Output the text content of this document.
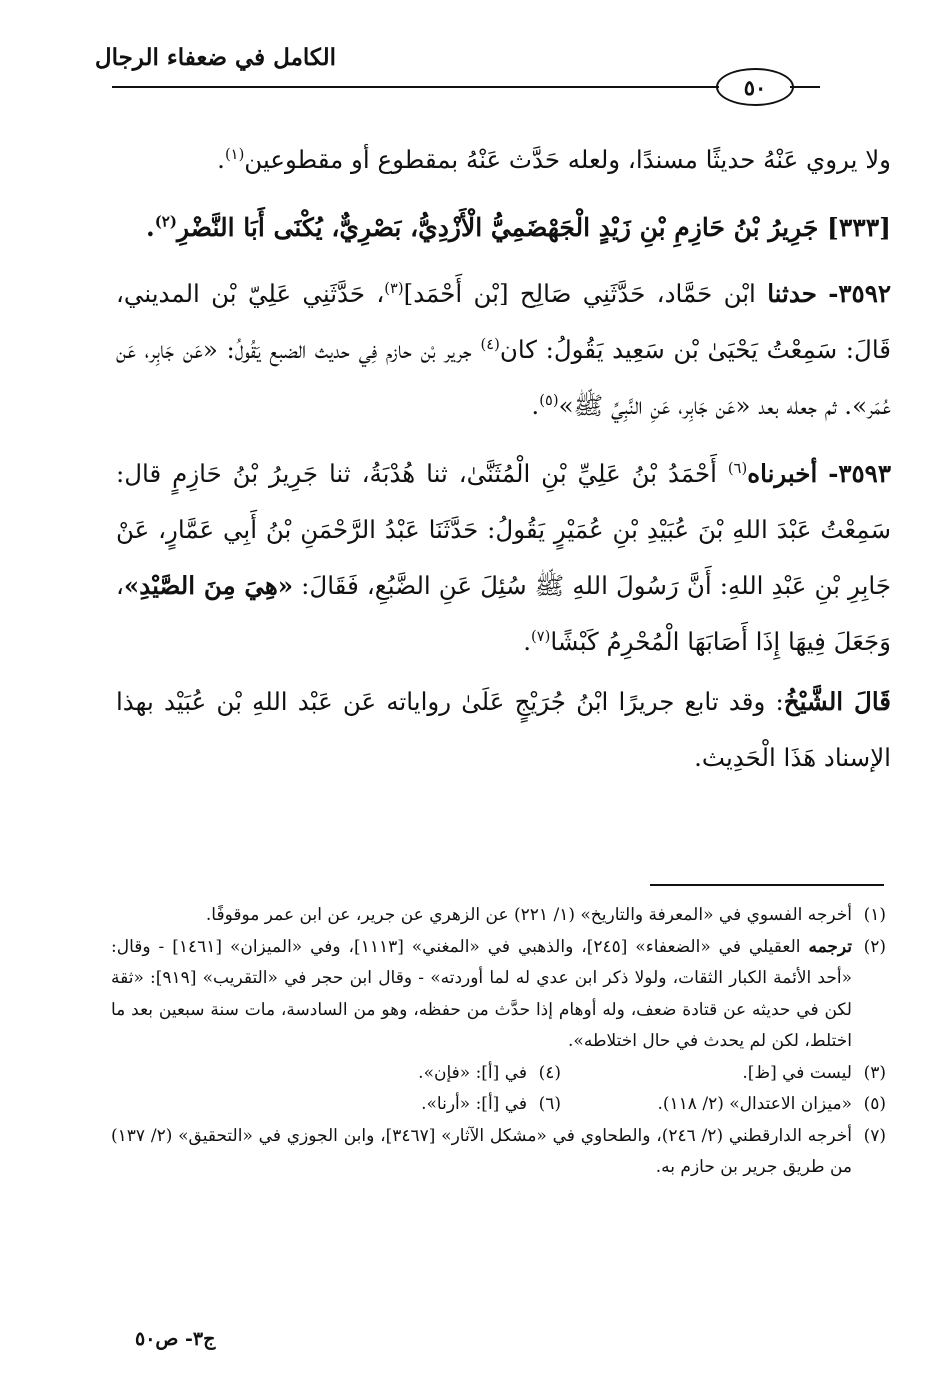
الكامل في ضعفاء الرجال
٥٠

ولا يروي عَنْهُ حديثًا مسندًا، ولعله حَدَّث عَنْهُ بمقطوع أو مقطوعين$^{(١)}$.

[٣٣٣] جَرِيرُ بْنُ حَازِمِ بْنِ زَيْدٍ الْجَهْضَمِيُّ الْأَزْدِيُّ، بَصْرِيٌّ، يُكْنَى أَبَا النَّضْرِ$^{(٢)}$.

٣٥٩٢- حدثنا ابْن حَمَّاد، حَدَّثَنِي صَالِح [بْن أَحْمَد]$^{(٣)}$، حَدَّثَنِي عَلِيّ بْن المديني، قَالَ: سَمِعْتُ يَحْيَىٰ بْن سَعِيد يَقُولُ: كان$^{(٤)}$ جرير بْن حازم فِي حديث الضبع يَقُولُ: «عَن جَابِر، عَن عُمَر». ثم جعله بعد «عَن جَابِر، عَنِ النَّبِيِّ ﷺ»$^{(٥)}$.

٣٥٩٣- أخبرناه$^{(٦)}$ أَحْمَدُ بْنُ عَلِيِّ بْنِ الْمُثَنَّىٰ، ثنا هُدْبَةُ، ثنا جَرِيرُ بْنُ حَازِمٍ قال: سَمِعْتُ عَبْدَ اللهِ بْنَ عُبَيْدِ بْنِ عُمَيْرٍ يَقُولُ: حَدَّثَنَا عَبْدُ الرَّحْمَنِ بْنُ أَبِي عَمَّارٍ، عَنْ جَابِرِ بْنِ عَبْدِ اللهِ: أَنَّ رَسُولَ اللهِ ﷺ سُئِلَ عَنِ الضَّبُعِ، فَقَالَ: «هِيَ مِنَ الصَّيْدِ»، وَجَعَلَ فِيهَا إِذَا أَصَابَهَا الْمُحْرِمُ كَبْشًا$^{(٧)}$.

قَالَ الشَّيْخُ: وقد تابع جريرًا ابْنُ جُرَيْجٍ عَلَىٰ رواياته عَن عَبْد اللهِ بْن عُبَيْد بهذا الإسناد هَذَا الْحَدِيث.

(١)
أخرجه الفسوي في «المعرفة والتاريخ» (١/ ٢٢١) عن الزهري عن جرير، عن ابن عمر موقوفًا.
(٢)
ترجمه العقيلي في «الضعفاء» [٢٤٥]، والذهبي في «المغني» [١١١٣]، وفي «الميزان» [١٤٦١] - وقال: «أحد الأئمة الكبار الثقات، ولولا ذكر ابن عدي له لما أوردته» - وقال ابن حجر في «التقريب» [٩١٩]: «ثقة لكن في حديثه عن قتادة ضعف، وله أوهام إذا حدَّث من حفظه، وهو من السادسة، مات سنة سبعين بعد ما اختلط، لكن لم يحدث في حال اختلاطه».
(٣)
ليست في [ظ].
(٤)
في [أ]: «فإن».
(٥)
«ميزان الاعتدال» (٢/ ١١٨).
(٦)
في [أ]: «أرنا».
(٧)
أخرجه الدارقطني (٢/ ٢٤٦)، والطحاوي في «مشكل الآثار» [٣٤٦٧]، وابن الجوزي في «التحقيق» (٢/ ١٣٧) من طريق جرير بن حازم به.
ج٣- ص٥٠
